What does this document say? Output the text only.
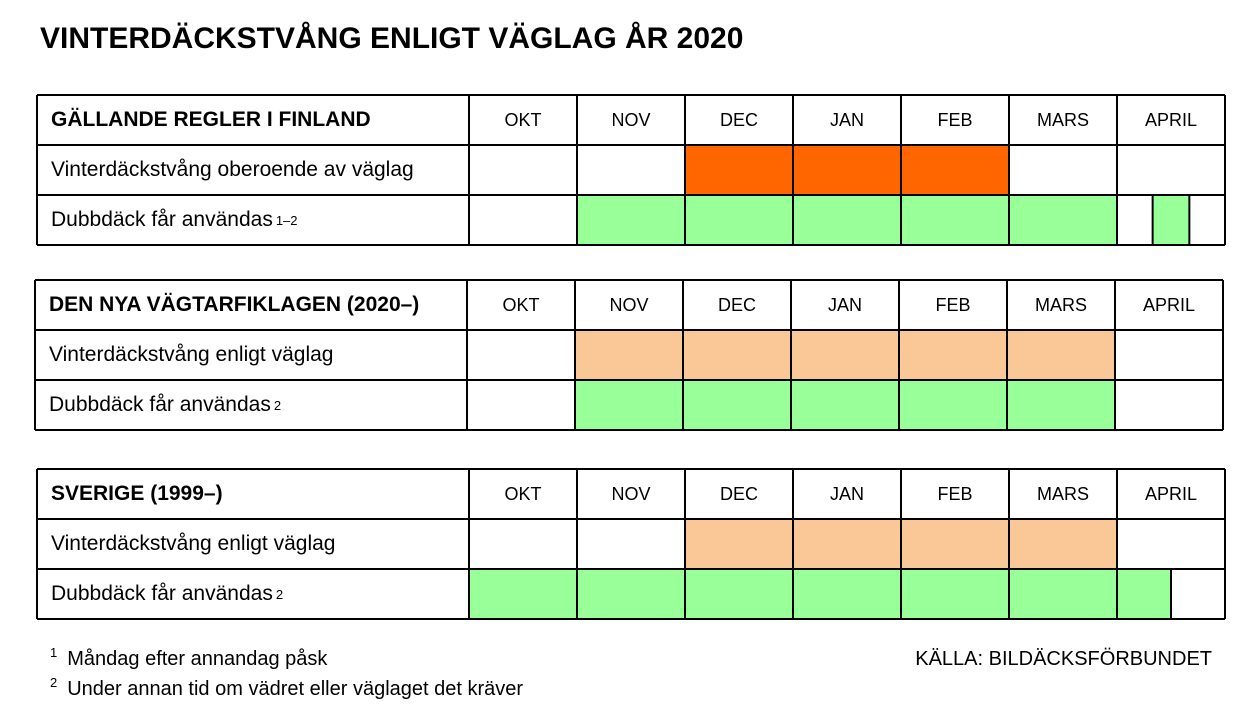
VINTERDÄCKSTVÅNG ENLIGT VÄGLAG ÅR 2020
GÄLLANDE REGLER I FINLAND	OKT	NOV	DEC	JAN	FEB	MARS	APRIL
Vinterdäckstvång oberoende av väglag
Dubbdäck får användas 1–2
DEN NYA VÄGTARFIKLAGEN (2020–)	OKT	NOV	DEC	JAN	FEB	MARS	APRIL
Vinterdäckstvång enligt väglag
Dubbdäck får användas 2
SVERIGE (1999–)	OKT	NOV	DEC	JAN	FEB	MARS	APRIL
Vinterdäckstvång enligt väglag
Dubbdäck får användas 2
$^1$ Måndag efter annandag påsk
$^2$ Under annan tid om vädret eller väglaget det kräver
KÄLLA: BILDÄCKSFÖRBUNDET
